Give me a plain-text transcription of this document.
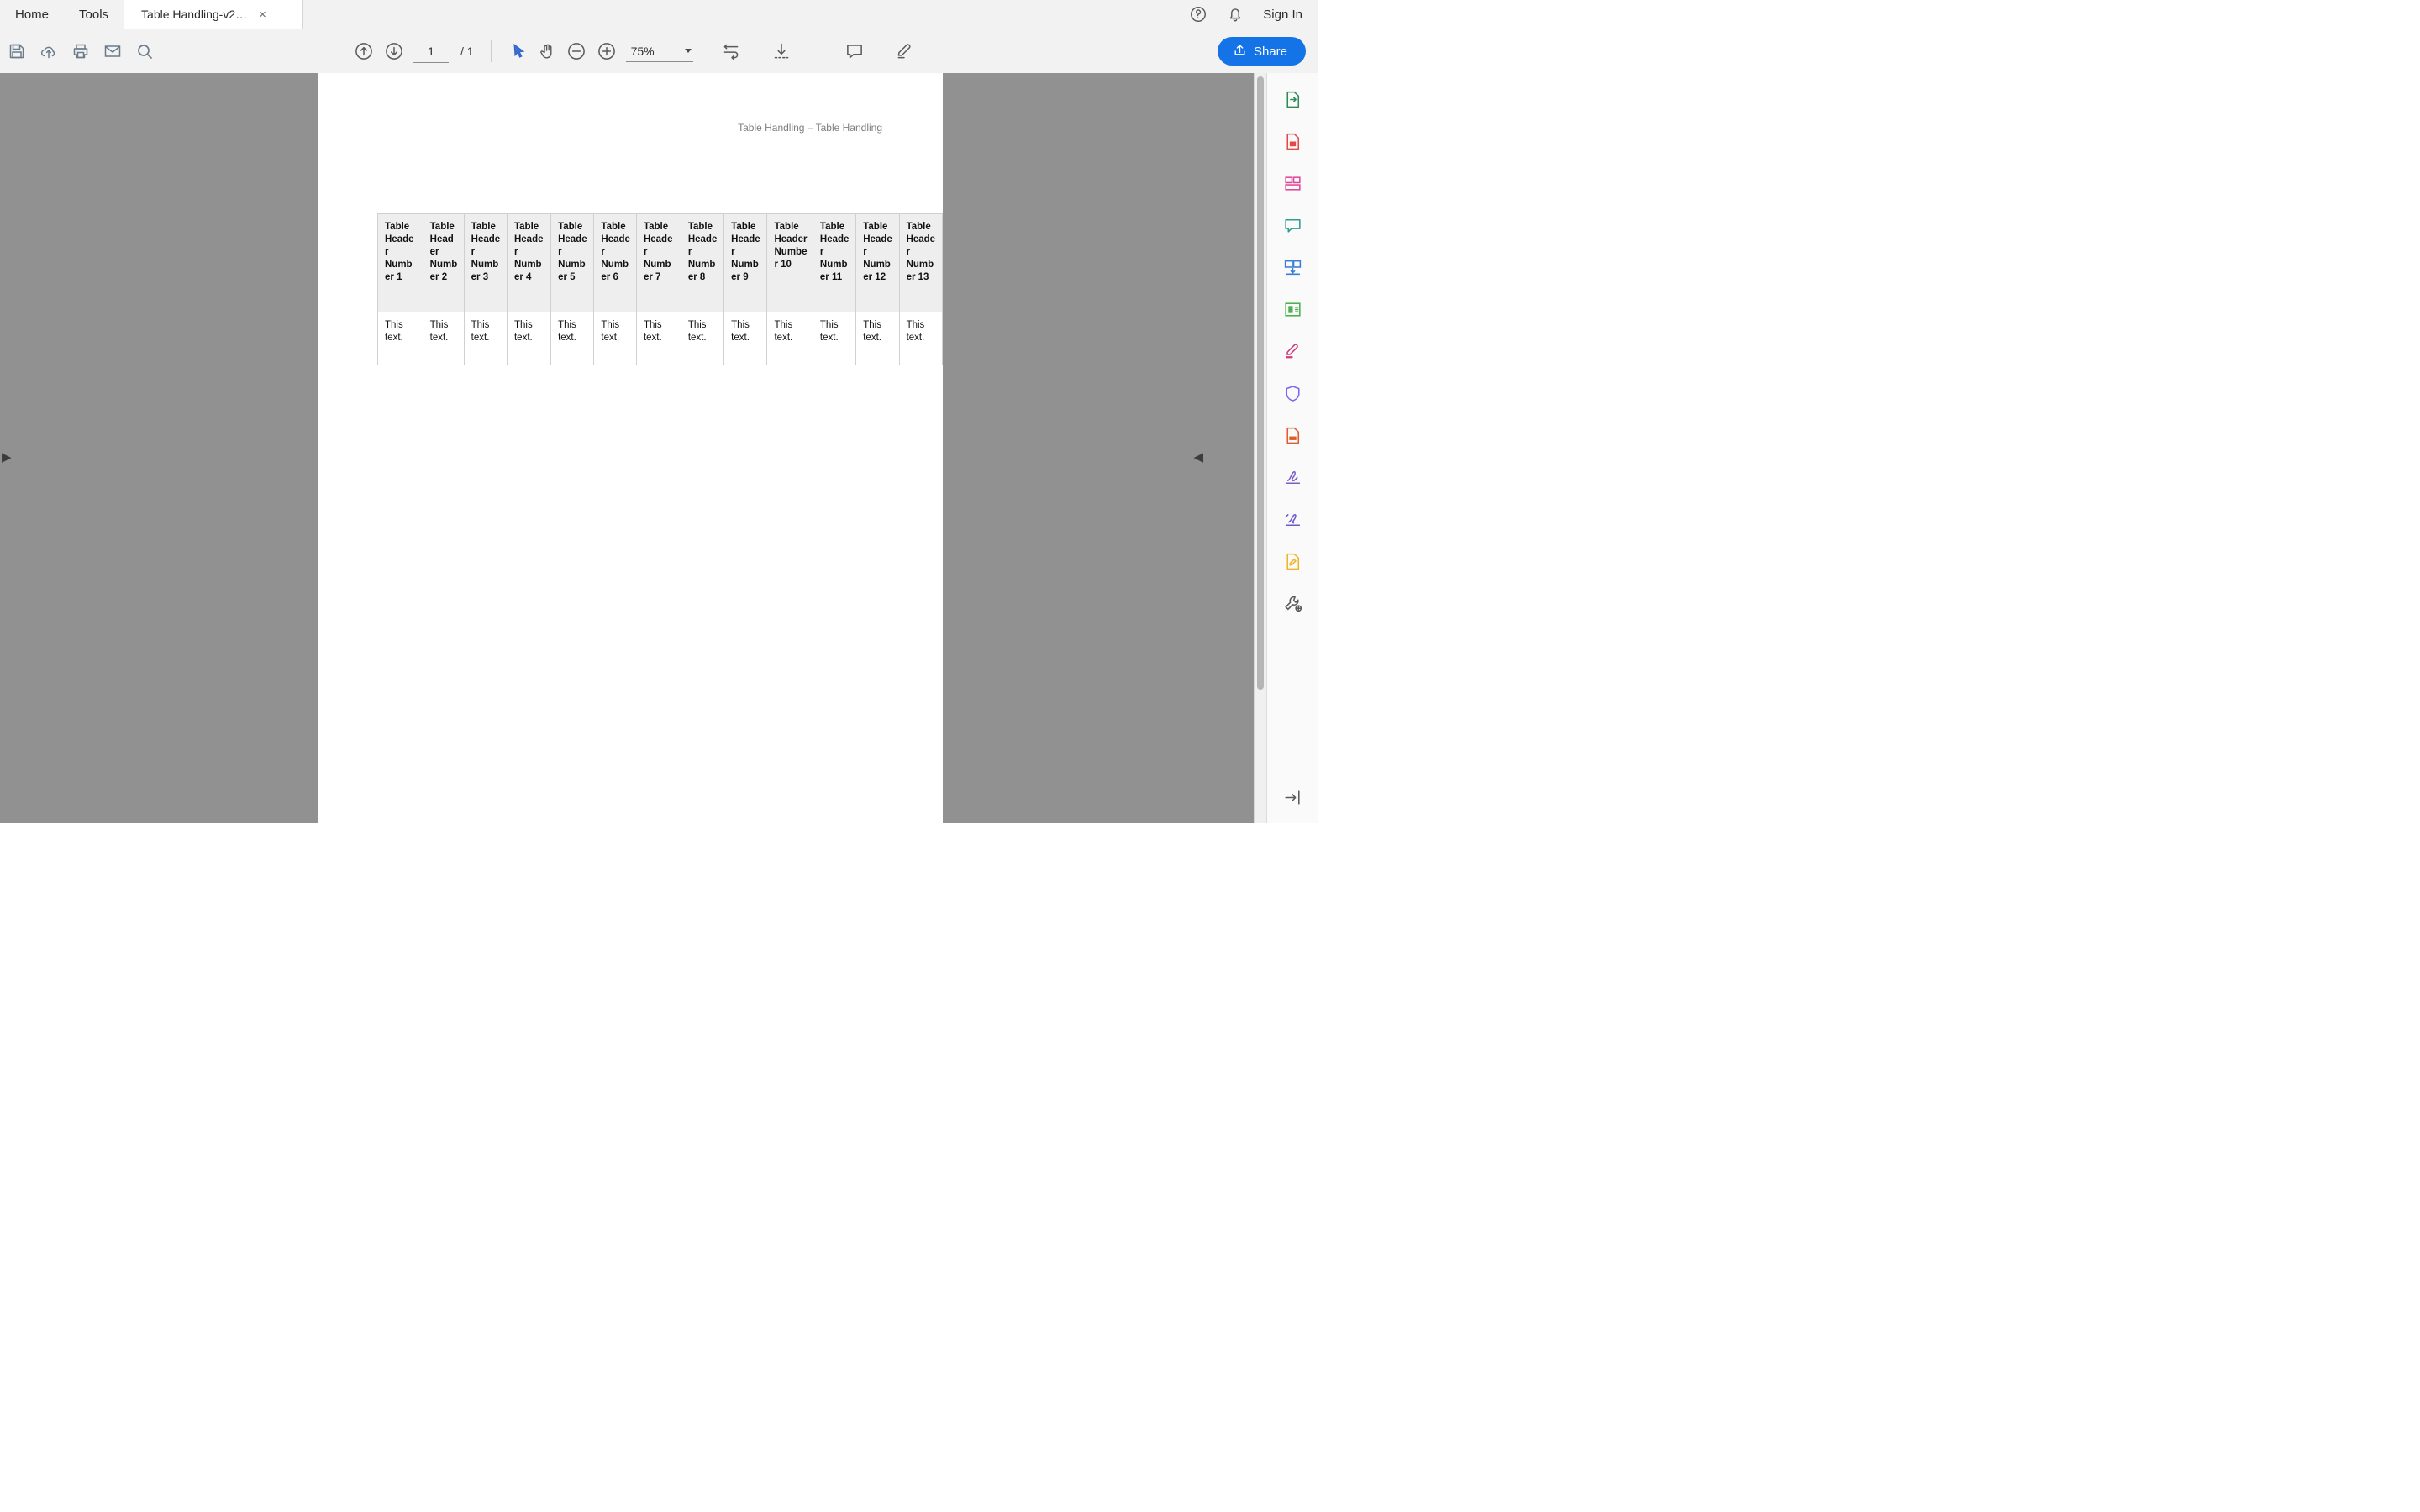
Home	Tools	Table Handling-v2… ×	Sign In
1
/ 1	75%	Share
▶
Table Handling – Table Handling
Table Header Number 1	Table Header Number 2	Table Header Number 3	Table Header Number 4	Table Header Number 5	Table Header Number 6	Table Header Number 7	Table Header Number 8	Table Header Number 9	Table Header Number 10	Table Header Number 11	Table Header Number 12	Table Header Number 13
This text.	This text.	This text.	This text.	This text.	This text.	This text.	This text.	This text.	This text.	This text.	This text.	This text.
◀
